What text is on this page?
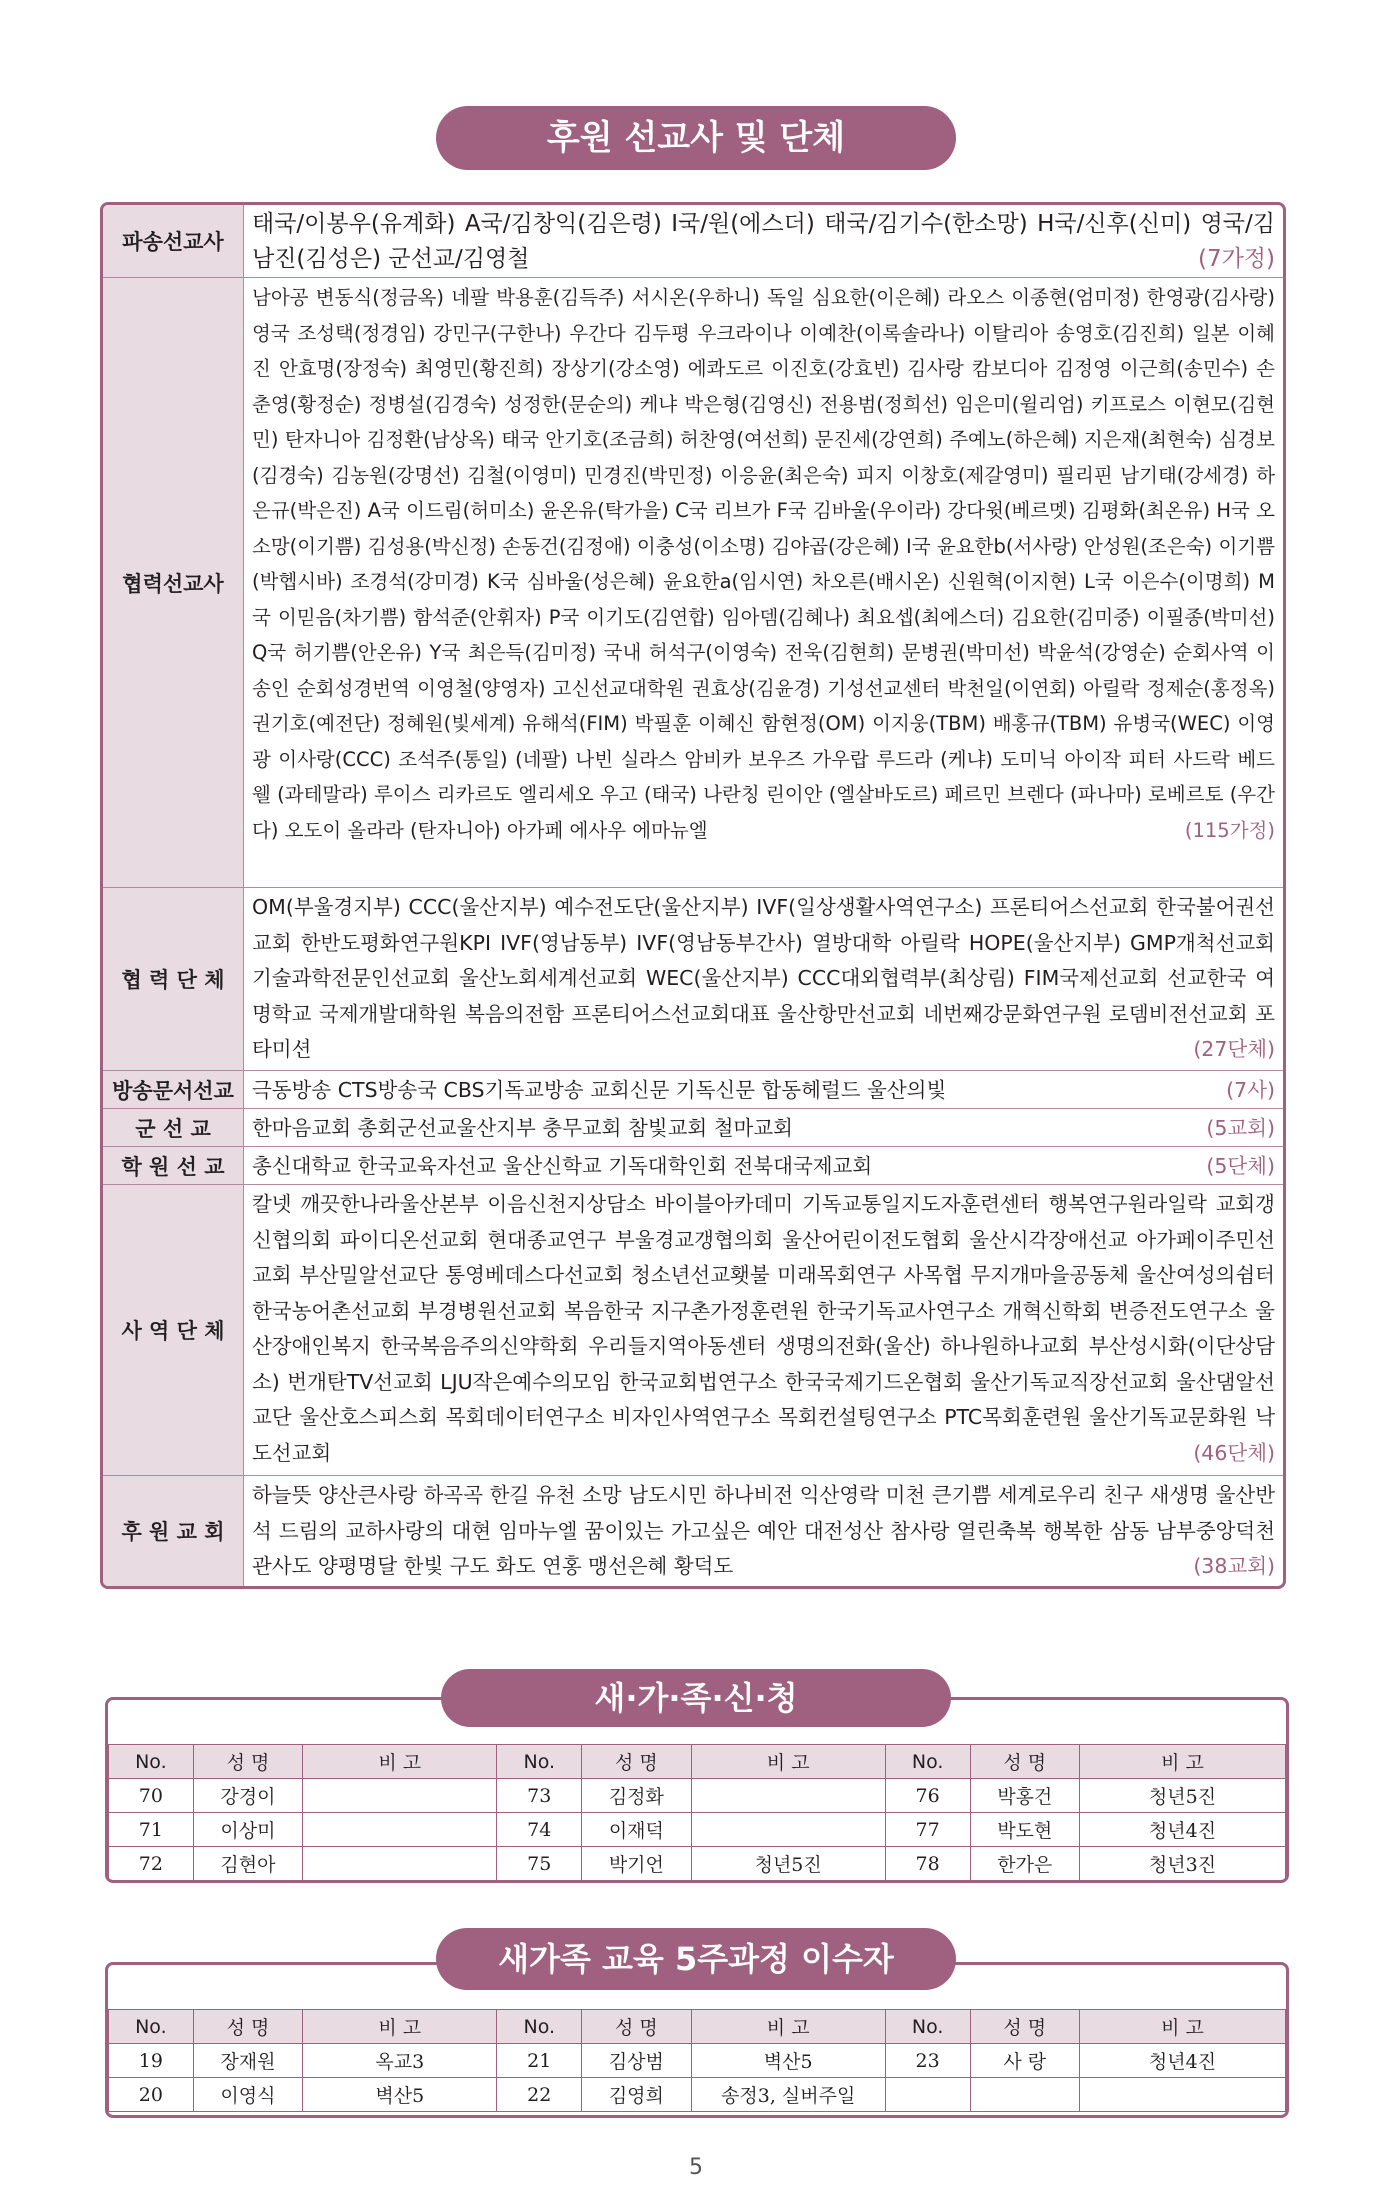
후원 선교사 및 단체
파송선교사
태국/이봉우(유계화) A국/김창익(김은령) I국/원(에스더) 태국/김기수(한소망) H국/신후(신미) 영국/김남진(김성은) 군선교/김영철	(7가정)
협력선교사
남아공 변동식(정금옥) 네팔 박용훈(김득주) 서시온(우하니) 독일 심요한(이은혜) 라오스 이종현(엄미정) 한영광(김사랑) 영국 조성택(정경임) 강민구(구한나) 우간다 김두평 우크라이나 이예찬(이록솔라나) 이탈리아 송영호(김진희) 일본 이혜진 안효명(장정숙) 최영민(황진희) 장상기(강소영) 에콰도르 이진호(강효빈) 김사랑 캄보디아 김정영 이근희(송민수) 손춘영(황정순) 정병설(김경숙) 성정한(문순의) 케냐 박은형(김영신) 전용범(정희선) 임은미(윌리엄) 키프로스 이현모(김현민) 탄자니아 김정환(남상옥) 태국 안기호(조금희) 허찬영(여선희) 문진세(강연희) 주예노(하은혜) 지은재(최현숙) 심경보(김경숙) 김농원(강명선) 김철(이영미) 민경진(박민정) 이응윤(최은숙) 피지 이창호(제갈영미) 필리핀 남기태(강세경) 하은규(박은진) A국 이드림(허미소) 윤온유(탁가을) C국 리브가 F국 김바울(우이라) 강다윗(베르멧) 김평화(최온유) H국 오소망(이기쁨) 김성용(박신정) 손동건(김정애) 이충성(이소명) 김야곱(강은혜) I국 윤요한b(서사랑) 안성원(조은숙) 이기쁨(박헵시바) 조경석(강미경) K국 심바울(성은혜) 윤요한a(임시연) 차오른(배시온) 신원혁(이지현) L국 이은수(이명희) M국 이믿음(차기쁨) 함석준(안휘자) P국 이기도(김연합) 임아뎀(김혜나) 최요셉(최에스더) 김요한(김미중) 이필종(박미선) Q국 허기쁨(안온유) Y국 최은득(김미정) 국내 허석구(이영숙) 전욱(김현희) 문병권(박미선) 박윤석(강영순) 순회사역 이송인 순회성경번역 이영철(양영자) 고신선교대학원 권효상(김윤경) 기성선교센터 박천일(이연회) 아릴락 정제순(홍정옥) 권기호(예전단) 정혜원(빛세계) 유해석(FIM) 박필훈 이혜신 함현정(OM) 이지웅(TBM) 배홍규(TBM) 유병국(WEC) 이영광 이사랑(CCC) 조석주(통일) (네팔) 나빈 실라스 암비카 보우즈 가우랍 루드라 (케냐) 도미닉 아이작 피터 사드락 베드웰 (과테말라) 루이스 리카르도 엘리세오 우고 (태국) 나란칭 린이안 (엘살바도르) 페르민 브렌다 (파나마) 로베르토 (우간다) 오도이 올라라 (탄자니아) 아가페 에사우 에마뉴엘	(115가정)
협 력 단 체
OM(부울경지부) CCC(울산지부) 예수전도단(울산지부) IVF(일상생활사역연구소) 프론티어스선교회 한국불어권선교회 한반도평화연구원KPI IVF(영남동부) IVF(영남동부간사) 열방대학 아릴락 HOPE(울산지부) GMP개척선교회 기술과학전문인선교회 울산노회세계선교회 WEC(울산지부) CCC대외협력부(최상림) FIM국제선교회 선교한국 여명학교 국제개발대학원 복음의전함 프론티어스선교회대표 울산항만선교회 네번째강문화연구원 로뎀비전선교회 포타미션	(27단체)
방송문서선교 극동방송 CTS방송국 CBS기독교방송 교회신문 기독신문 합동헤럴드 울산의빛	(7사)
군 선 교	한마음교회 총회군선교울산지부 충무교회 참빛교회 철마교회	(5교회)
학 원 선 교	총신대학교 한국교육자선교 울산신학교 기독대학인회 전북대국제교회	(5단체)
사 역 단 체
칼넷 깨끗한나라울산본부 이음신천지상담소 바이블아카데미 기독교통일지도자훈련센터 행복연구원라일락 교회갱신협의회 파이디온선교회 현대종교연구 부울경교갱협의회 울산어린이전도협회 울산시각장애선교 아가페이주민선교회 부산밀알선교단 통영베데스다선교회 청소년선교횃불 미래목회연구 사목협 무지개마을공동체 울산여성의쉼터 한국농어촌선교회 부경병원선교회 복음한국 지구촌가정훈련원 한국기독교사연구소 개혁신학회 변증전도연구소 울산장애인복지 한국복음주의신약학회 우리들지역아동센터 생명의전화(울산) 하나원하나교회 부산성시화(이단상담소) 번개탄TV선교회 LJU작은예수의모임 한국교회법연구소 한국국제기드온협회 울산기독교직장선교회 울산댐알선교단 울산호스피스회 목회데이터연구소 비자인사역연구소 목회컨설팅연구소 PTC목회훈련원 울산기독교문화원 낙도선교회	(46단체)
후 원 교 회
하늘뜻 양산큰사랑 하곡곡 한길 유천 소망 남도시민 하나비전 익산영락 미천 큰기쁨 세계로우리 친구 새생명 울산반석 드림의 교하사랑의 대현 임마누엘 꿈이있는 가고싶은 예안 대전성산 참사랑 열린축복 행복한 삼동 남부중앙덕천 관사도 양평명달 한빛 구도 화도 연홍 맹선은혜 황덕도	(38교회)
No.	성 명	비 고	No.	성 명	비 고	No.	성 명	비 고
70	강경이		73	김정화		76	박홍건	청년5진
71	이상미		74	이재덕		77	박도현	청년4진
72	김현아		75	박기언	청년5진	78	한가은	청년3진
새·가·족·신·청
No.	성 명	비 고	No.	성 명	비 고	No.	성 명	비 고
19	장재원	옥교3	21	김상범	벽산5	23	사 랑	청년4진
20	이영식	벽산5	22	김영희	송정3, 실버주일			
새가족 교육 5주과정 이수자
5
